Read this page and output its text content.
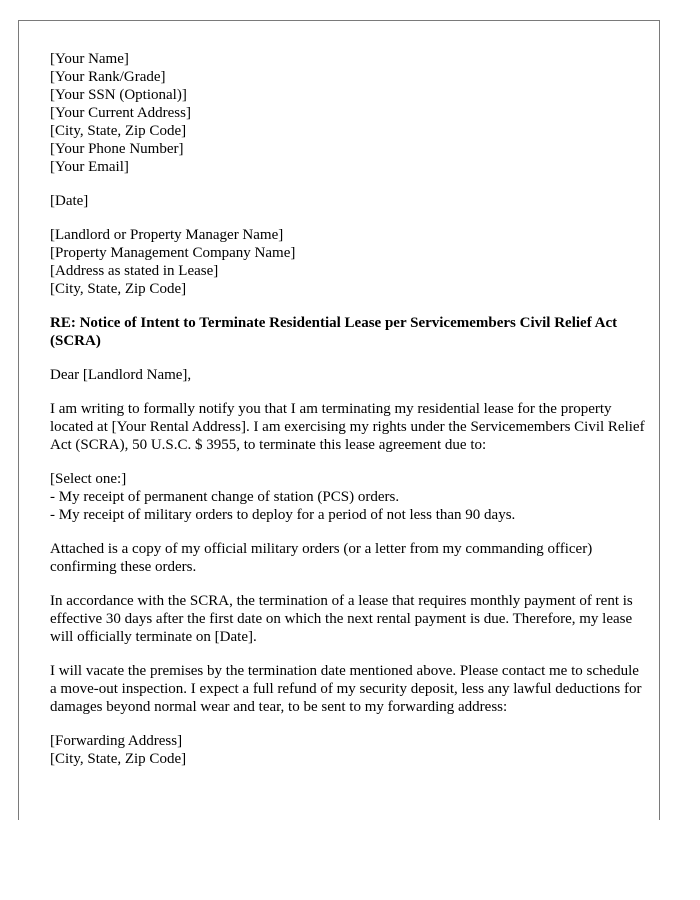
[Your Name]
[Your Rank/Grade]
[Your SSN (Optional)]
[Your Current Address]
[City, State, Zip Code]
[Your Phone Number]
[Your Email]
[Date]
[Landlord or Property Manager Name]
[Property Management Company Name]
[Address as stated in Lease]
[City, State, Zip Code]
RE: Notice of Intent to Terminate Residential Lease per Servicemembers Civil Relief Act (SCRA)

Dear [Landlord Name],

I am writing to formally notify you that I am terminating my residential lease for the property located at [Your Rental Address]. I am exercising my rights under the Servicemembers Civil Relief Act (SCRA), 50 U.S.C. $ 3955, to terminate this lease agreement due to:

[Select one:]
- My receipt of permanent change of station (PCS) orders.
- My receipt of military orders to deploy for a period of not less than 90 days.

Attached is a copy of my official military orders (or a letter from my commanding officer) confirming these orders.

In accordance with the SCRA, the termination of a lease that requires monthly payment of rent is effective 30 days after the first date on which the next rental payment is due. Therefore, my lease will officially terminate on [Date].

I will vacate the premises by the termination date mentioned above. Please contact me to schedule a move-out inspection. I expect a full refund of my security deposit, less any lawful deductions for damages beyond normal wear and tear, to be sent to my forwarding address:

[Forwarding Address]
[City, State, Zip Code]
